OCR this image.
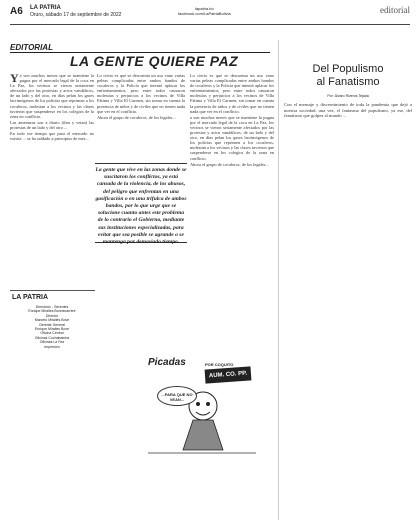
A6 LA PATRIA
Oruro, sábado 17 de septiembre de 2022
lapatria.bo
facebook.com/LaPatriaBolivia	editorial
EDITORIAL
LA GENTE QUIERE PAZ

Ya son muchos meses que se mantiene la pugna por el mercado legal de la coca en La Paz, los vecinos se vieron seriamente afectados por las protestas y actos vandálicos, de un lado y del otro, en días pelan los gases lacrimógenos de los policías que reprimen a los cocaleros, molestan a los vecinos y las clases tuvieron que suspenderse en los colegios de la zona en conflicto.

Las amenazas son a diario (tbm y vetan) las protestas de un lado y del otro ...

En todo ese tiempo que para el mercado no existía ... se ha saldado a principios de mes...

Lo cierto es que se descuenta un uso vano varias peleas complicadas entre ambos bandos de cocaleros y la Policía que intentó aplacar los enfrentamientos, pero entre todos causaron molestias y perjuicios a los vecinos de Villa Fátima y Villa El Carmen, sin tomar en cuenta la presencia de niños y de civiles que no tienen nada que ver en el conflicto.

Ahora el grupo de cocaleros, de los legales...

La gente que vive en las zonas donde se suscitaron los conflictos, ya está cansada de la violencia, de los abusos, del peligro que enfrentan en una gasificación o en una trifulca de ambos bandos, por lo que urge que se solucione cuanto antes este problema de lo contrario el Gobierno, mediante sus instituciones especializadas, para evitar que sea posible se agrande o se mantenga por demasiado tiempo.

Lo cierto es que se descuenta un uso vano varias peleas complicadas entre ambos bandos de cocaleros y la Policía que intentó aplacar los enfrentamientos, pero entre todos causaron molestias y perjuicios a los vecinos de Villa Fátima y Villa El Carmen, sin tomar en cuenta la presencia de niños y de civiles que no tienen nada que ver en el conflicto.

a son muchos meses que se mantiene la pugna por el mercado legal de la coca en La Paz, los vecinos se vieron seriamente afectados por las protestas y actos vandálicos, de un lado y del otro, en días pelan los gases lacrimógenos de los policías que reprimen a los cocaleros, molestan a los vecinos y las clases tuvieron que suspenderse en los colegios de la zona en conflicto.

Ahora el grupo de cocaleros, de los legales...

Del Populismo
al Fanatismo
Por: Álvaro Riveros Tejada
Con el mensaje y discernimiento de toda la pandemia que dejó a nuestra sociedad, una vez, el fantasma del populismo, ya ese, del fanatismo que golpea al mundo ...
LA PATRIA
Directorio - Gerentes
Enrique Miralles Bonnecarrère
Director
Marcelo Miralles Bove
Gerente General
Enrique Miralles Bove
Oficina Central
Oficinas Cochabamba
Oficinas La Paz
Impresión
Picadas	POR COQUITO
AUM. CO. PP.
...PARA QUE NO VEAN...
